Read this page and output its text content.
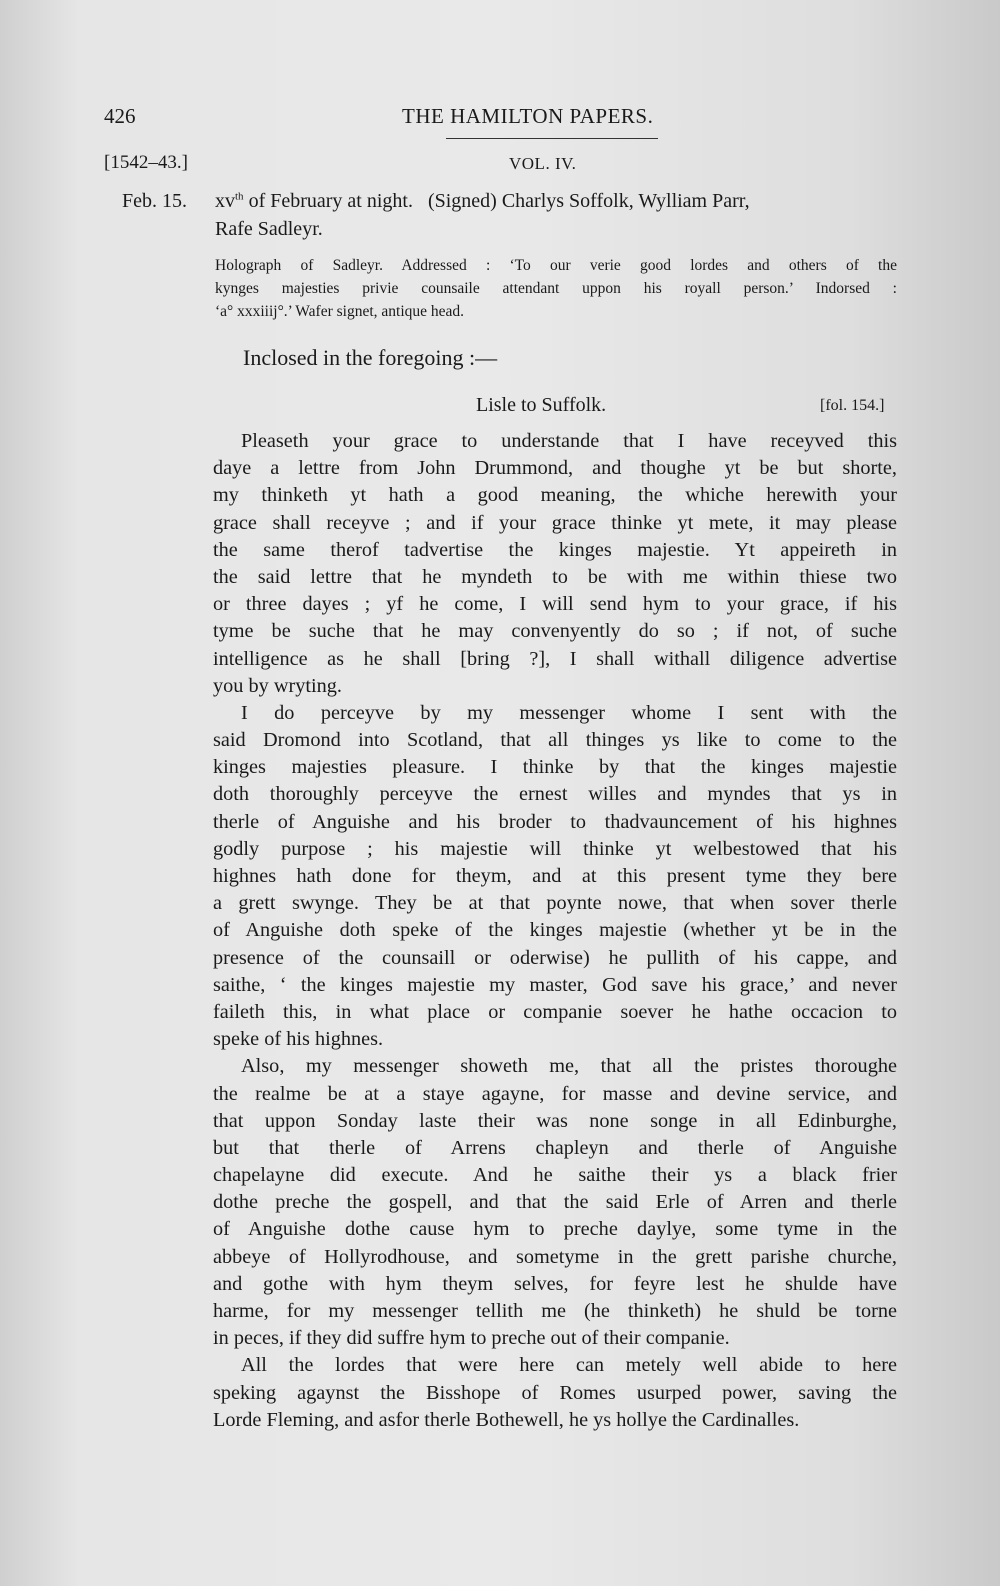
426	THE HAMILTON PAPERS.
[1542–43.]	VOL. IV.
Feb. 15. $xv^{th}$ of February at night.   (Signed) Charlys Soffolk, Wylliam Parr,
Rafe Sadleyr.
Holograph of Sadleyr. Addressed : ‘To our verie good lordes and others of the
kynges majesties privie counsaile attendant uppon his royall person.’ Indorsed :
‘a° xxxiiij°.’ Wafer signet, antique head.
Inclosed in the foregoing :—
Lisle to Suffolk.	[fol. 154.]
Pleaseth your grace to understande that I have receyved this
daye a lettre from John Drummond, and thoughe yt be but shorte,
my thinketh yt hath a good meaning, the whiche herewith your
grace shall receyve ; and if your grace thinke yt mete, it may please
the same therof tadvertise the kinges majestie. Yt appeireth in
the said lettre that he myndeth to be with me within thiese two
or three dayes ; yf he come, I will send hym to your grace, if his
tyme be suche that he may convenyently do so ; if not, of suche
intelligence as he shall [bring ?], I shall withall diligence advertise
you by wryting.
I do perceyve by my messenger whome I sent with the
said Dromond into Scotland, that all thinges ys like to come to the
kinges majesties pleasure. I thinke by that the kinges majestie
doth thoroughly perceyve the ernest willes and myndes that ys in
therle of Anguishe and his broder to thadvauncement of his highnes
godly purpose ; his majestie will thinke yt welbestowed that his
highnes hath done for theym, and at this present tyme they bere
a grett swynge. They be at that poynte nowe, that when sover therle
of Anguishe doth speke of the kinges majestie (whether yt be in the
presence of the counsaill or oderwise) he pullith of his cappe, and
saithe, ‘ the kinges majestie my master, God save his grace,’ and never
faileth this, in what place or companie soever he hathe occacion to
speke of his highnes.
Also, my messenger showeth me, that all the pristes thoroughe
the realme be at a staye agayne, for masse and devine service, and
that uppon Sonday laste their was none songe in all Edinburghe,
but that therle of Arrens chapleyn and therle of Anguishe
chapelayne did execute. And he saithe their ys a black frier
dothe preche the gospell, and that the said Erle of Arren and therle
of Anguishe dothe cause hym to preche daylye, some tyme in the
abbeye of Hollyrodhouse, and sometyme in the grett parishe churche,
and gothe with hym theym selves, for feyre lest he shulde have
harme, for my messenger tellith me (he thinketh) he shuld be torne
in peces, if they did suffre hym to preche out of their companie.
All the lordes that were here can metely well abide to here
speking agaynst the Bisshope of Romes usurped power, saving the
Lorde Fleming, and asfor therle Bothewell, he ys hollye the Cardinalles.
